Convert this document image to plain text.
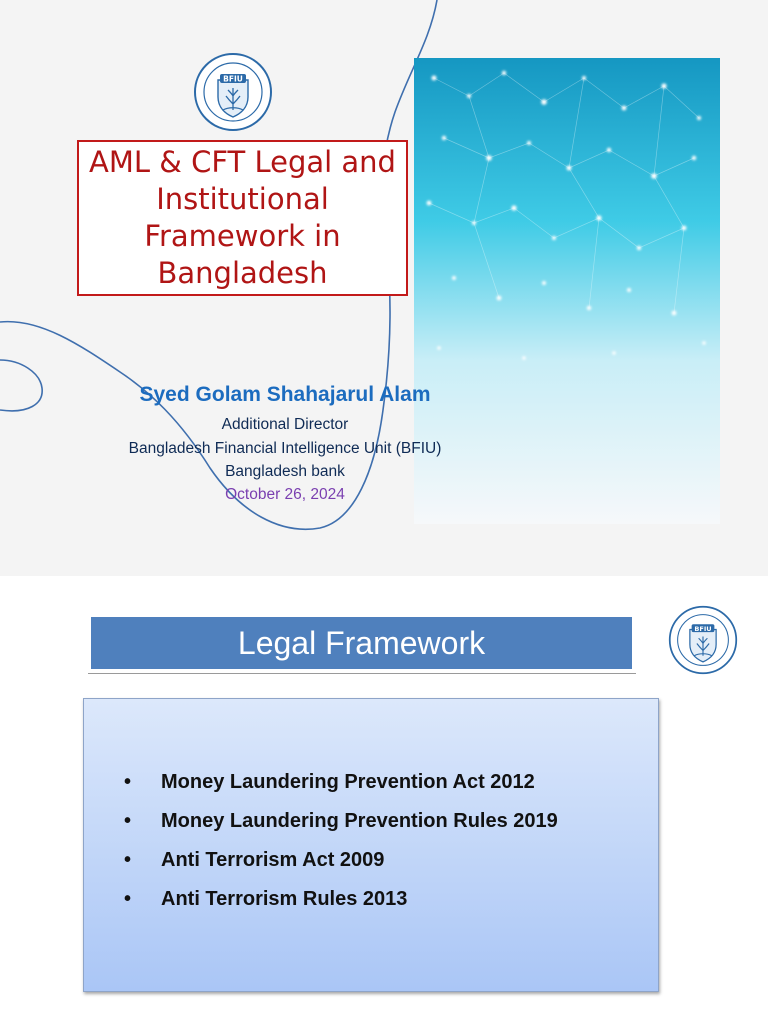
BFIU
AML & CFT Legal and Institutional Framework in Bangladesh
Syed Golam Shahajarul Alam
Additional Director
Bangladesh Financial Intelligence Unit (BFIU)
Bangladesh bank
October 26, 2024
Legal Framework	BFIU
•	Money Laundering Prevention Act 2012
•	Money Laundering Prevention Rules 2019
•	Anti Terrorism Act 2009
•	Anti Terrorism Rules 2013
